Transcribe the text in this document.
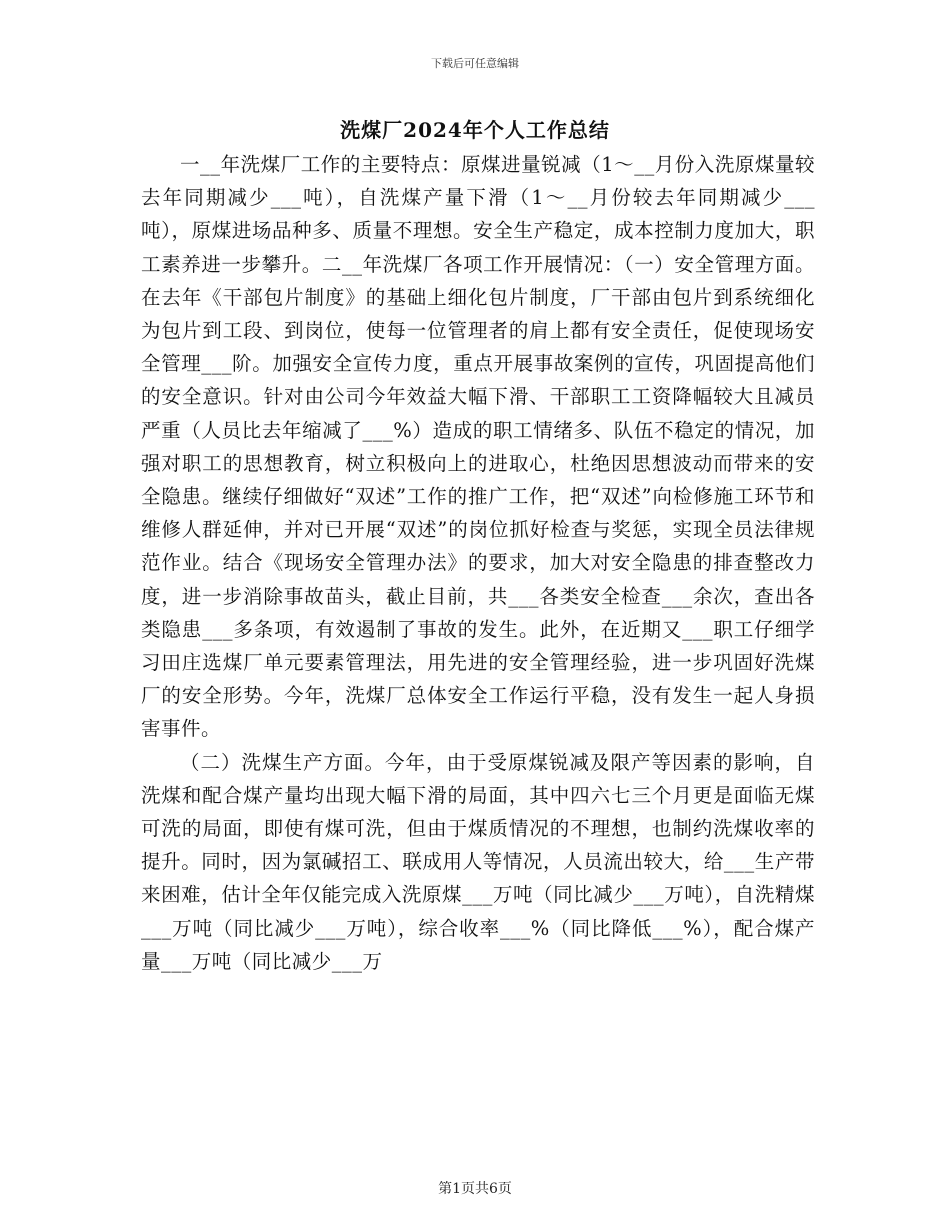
下载后可任意编辑
洗煤厂2024年个人工作总结

一__年洗煤厂工作的主要特点：原煤进量锐减（1～__月份入洗原煤量较去年同期减少___吨），自洗煤产量下滑（1～__月份较去年同期减少___吨），原煤进场品种多、质量不理想。安全生产稳定，成本控制力度加大，职工素养进一步攀升。二__年洗煤厂各项工作开展情况：（一）安全管理方面。在去年《干部包片制度》的基础上细化包片制度，厂干部由包片到系统细化为包片到工段、到岗位，使每一位管理者的肩上都有安全责任，促使现场安全管理___阶。加强安全宣传力度，重点开展事故案例的宣传，巩固提高他们的安全意识。针对由公司今年效益大幅下滑、干部职工工资降幅较大且减员严重（人员比去年缩减了___%）造成的职工情绪多、队伍不稳定的情况，加强对职工的思想教育，树立积极向上的进取心，杜绝因思想波动而带来的安全隐患。继续仔细做好“双述”工作的推广工作，把“双述”向检修施工环节和维修人群延伸，并对已开展“双述”的岗位抓好检查与奖惩，实现全员法律规范作业。结合《现场安全管理办法》的要求，加大对安全隐患的排查整改力度，进一步消除事故苗头，截止目前，共___各类安全检查___余次，查出各类隐患___多条项，有效遏制了事故的发生。此外，在近期又___职工仔细学习田庄选煤厂单元要素管理法，用先进的安全管理经验，进一步巩固好洗煤厂的安全形势。今年，洗煤厂总体安全工作运行平稳，没有发生一起人身损害事件。

（二）洗煤生产方面。今年，由于受原煤锐减及限产等因素的影响，自洗煤和配合煤产量均出现大幅下滑的局面，其中四六七三个月更是面临无煤可洗的局面，即使有煤可洗，但由于煤质情况的不理想，也制约洗煤收率的提升。同时，因为氯碱招工、联成用人等情况，人员流出较大，给___生产带来困难，估计全年仅能完成入洗原煤___万吨（同比减少___万吨），自洗精煤___万吨（同比减少___万吨），综合收率___%（同比降低___%），配合煤产量___万吨（同比减少___万

第1页共6页
